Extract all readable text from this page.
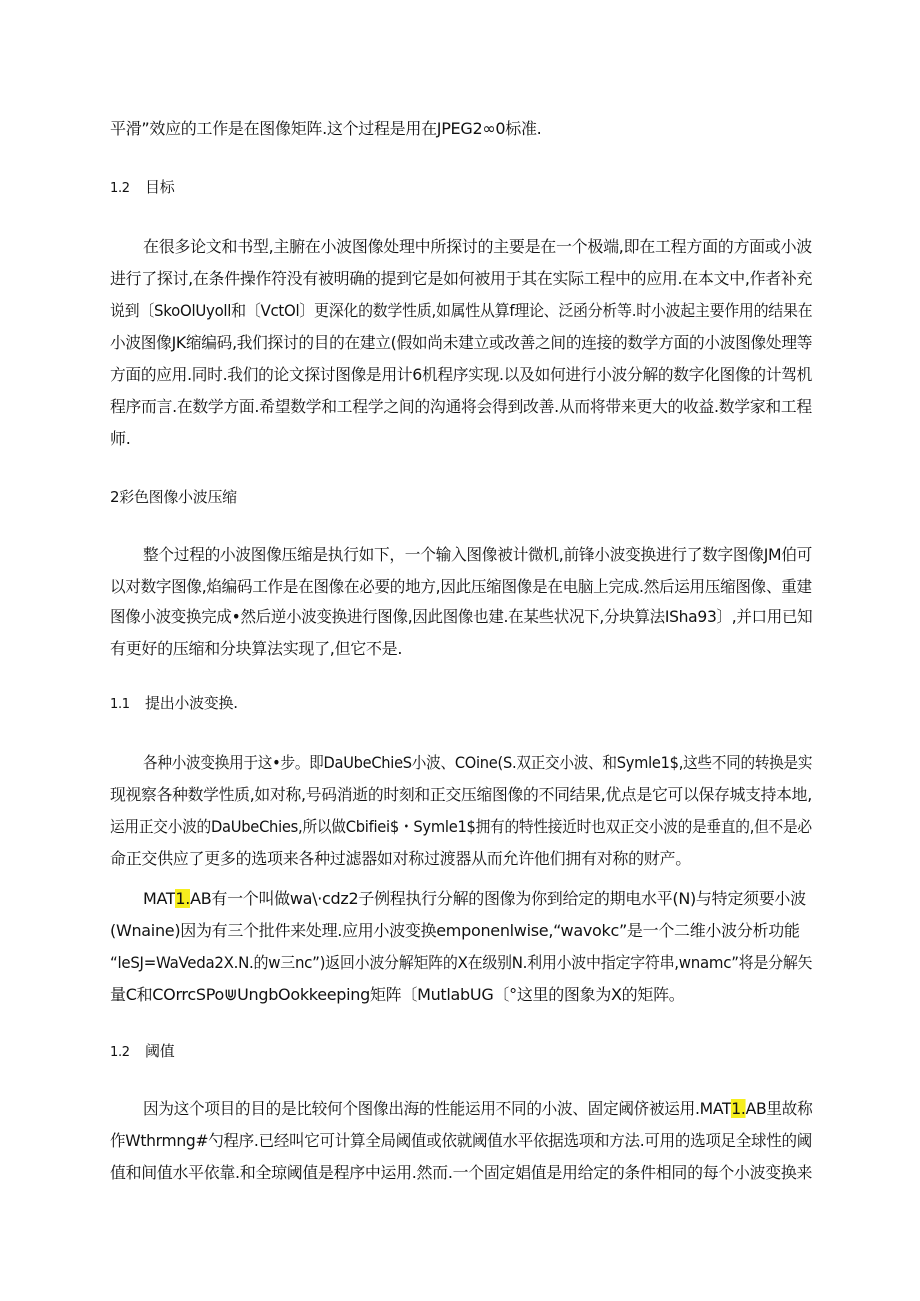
平滑”效应的工作是在图像矩阵.这个过程是用在JPEG2∞0标准.
1.2 目标
在很多论文和书型,主腑在小波图像处理中所探讨的主要是在一个极端,即在工程方面的方面或小波
进行了探讨,在条件操作符没有被明确的提到它是如何被用于其在实际工程中的应用.在本文中,作者补充
说到〔SkoOlUyoll和〔VctOl〕更深化的数学性质,如属性从算f理论、泛函分析等.时小波起主要作用的结果在
小波图像JK缩编码,我们探讨的目的在建立(假如尚未建立或改善之间的连接的数学方面的小波图像处理等
方面的应用.同时.我们的论文探讨图像是用计6机程序实现.以及如何进行小波分解的数字化图像的计驾机
程序而言.在数学方面.希望数学和工程学之间的沟通将会得到改善.从而将带来更大的收益.数学家和工程
师.
2彩色图像小波压缩
整个过程的小波图像压缩是执行如下，一个输入图像被计微机,前锋小波变换进行了数字图像JM伯可
以对数字图像,焰编码工作是在图像在必要的地方,因此压缩图像是在电脑上完成.然后运用压缩图像、重建
图像小波变换完成•然后逆小波变换进行图像,因此图像也建.在某些状况下,分块算法ISha93〕,并口用已知
有更好的压缩和分块算法实现了,但它不是.
1.1 提出小波变换.
各种小波变换用于这•步。即DaUbeChieS小波、COine(S.双正交小波、和Symle1$,这些不同的转换是实
现视察各种数学性质,如对称,号码消逝的时刻和正交压缩图像的不同结果,优点是它可以保存城支持本地,
运用正交小波的DaUbeChies,所以做Cbifiei$・Symle1$拥有的特性接近时也双正交小波的是垂直的,但不是必
命正交供应了更多的选项来各种过滤器如对称过渡器从而允许他们拥有对称的财产。
MAT1.AB有一个叫做wa\·cdz2子例程执行分解的图像为你到给定的期电水平(N)与特定须要小波
(Wnaine)因为有三个批件来处理.应用小波变换emponenlwise,“wavokc”是一个二维小波分析功能
“leSJ=WaVeda2X.N.的w三nc”)返回小波分解矩阵的X在级别N.利用小波中指定字符串,wnamc”将是分解矢
量C和COrrcSPo⋓UngbOokkeeping矩阵〔MutlabUG〔°这里的图象为X的矩阵。
1.2 阈值
因为这个项目的目的是比较何个图像出海的性能运用不同的小波、固定阈侪被运用.MAT1.AB里故称
作Wthrmng#勺程序.已经叫它可计算全局阈值或依就阈值水平依据选项和方法.可用的选项足全球性的阈
值和间值水平依靠.和全琼阈值是程序中运用.然而.一个固定娼值是用给定的条件相同的每个小波变换来
